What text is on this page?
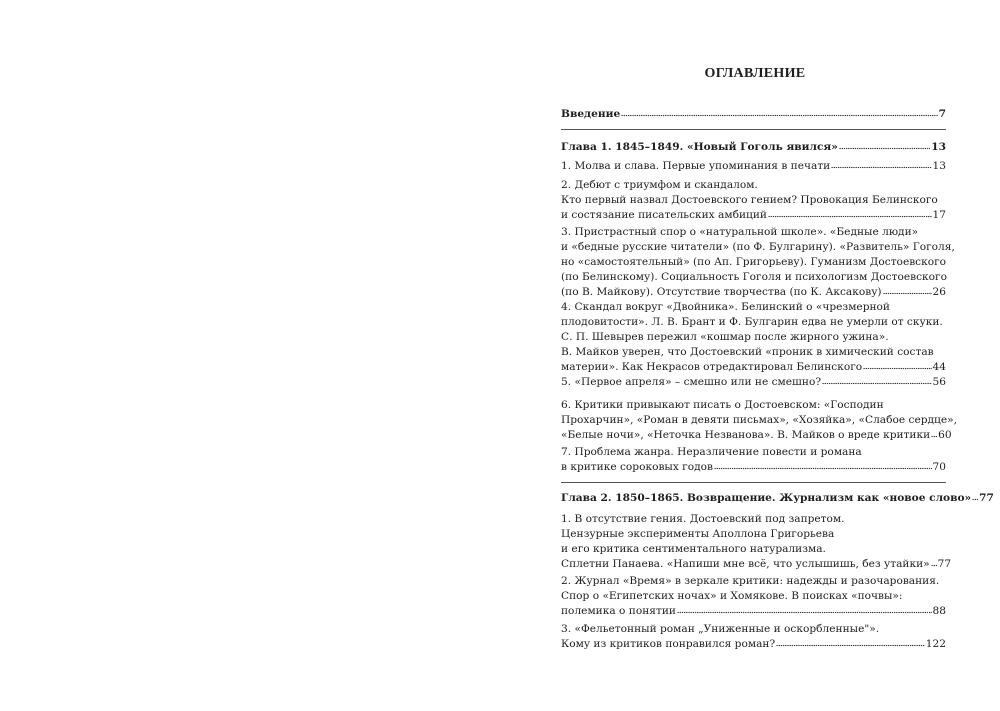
ОГЛАВЛЕНИЕ
Введение	7
Глава 1. 1845–1849. «Новый Гоголь явился»	13
1. Молва и слава. Первые упоминания в печати	13
2. Дебют с триумфом и скандалом.
Кто первый назвал Достоевского гением? Провокация Белинского
и состязание писательских амбиций	17
3. Пристрастный спор о «натуральной школе». «Бедные люди»
и «бедные русские читатели» (по Ф. Булгарину). «Развитель» Гоголя,
но «самостоятельный» (по Ап. Григорьеву). Гуманизм Достоевского
(по Белинскому). Социальность Гоголя и психологизм Достоевского
(по В. Майкову). Отсутствие творчества (по К. Аксакову)	26
4. Скандал вокруг «Двойника». Белинский о «чрезмерной
плодовитости». Л. В. Брант и Ф. Булгарин едва не умерли от скуки.
С. П. Шевырев пережил «кошмар после жирного ужина».
В. Майков уверен, что Достоевский «проник в химический состав
материи». Как Некрасов отредактировал Белинского	44
5. «Первое апреля» – смешно или не смешно?	56
6. Критики привыкают писать о Достоевском: «Господин
Прохарчин», «Роман в девяти письмах», «Хозяйка», «Слабое сердце»,
«Белые ночи», «Неточка Незванова». В. Майков о вреде критики 60
7. Проблема жанра. Неразличение повести и романа
в критике сороковых годов	70
Глава 2. 1850–1865. Возвращение. Журнализм как «новое слово» 77
1. В отсутствие гения. Достоевский под запретом.
Цензурные эксперименты Аполлона Григорьева
и его критика сентиментального натурализма.
Сплетни Панаева. «Напиши мне всё, что услышишь, без утайки» 77
2. Журнал «Время» в зеркале критики: надежды и разочарования.
Спор о «Египетских ночах» и Хомякове. В поисках «почвы»:
полемика о понятии	88
3. «Фельетонный роман „Униженные и оскорбленные"».
Кому из критиков понравился роман?	122
